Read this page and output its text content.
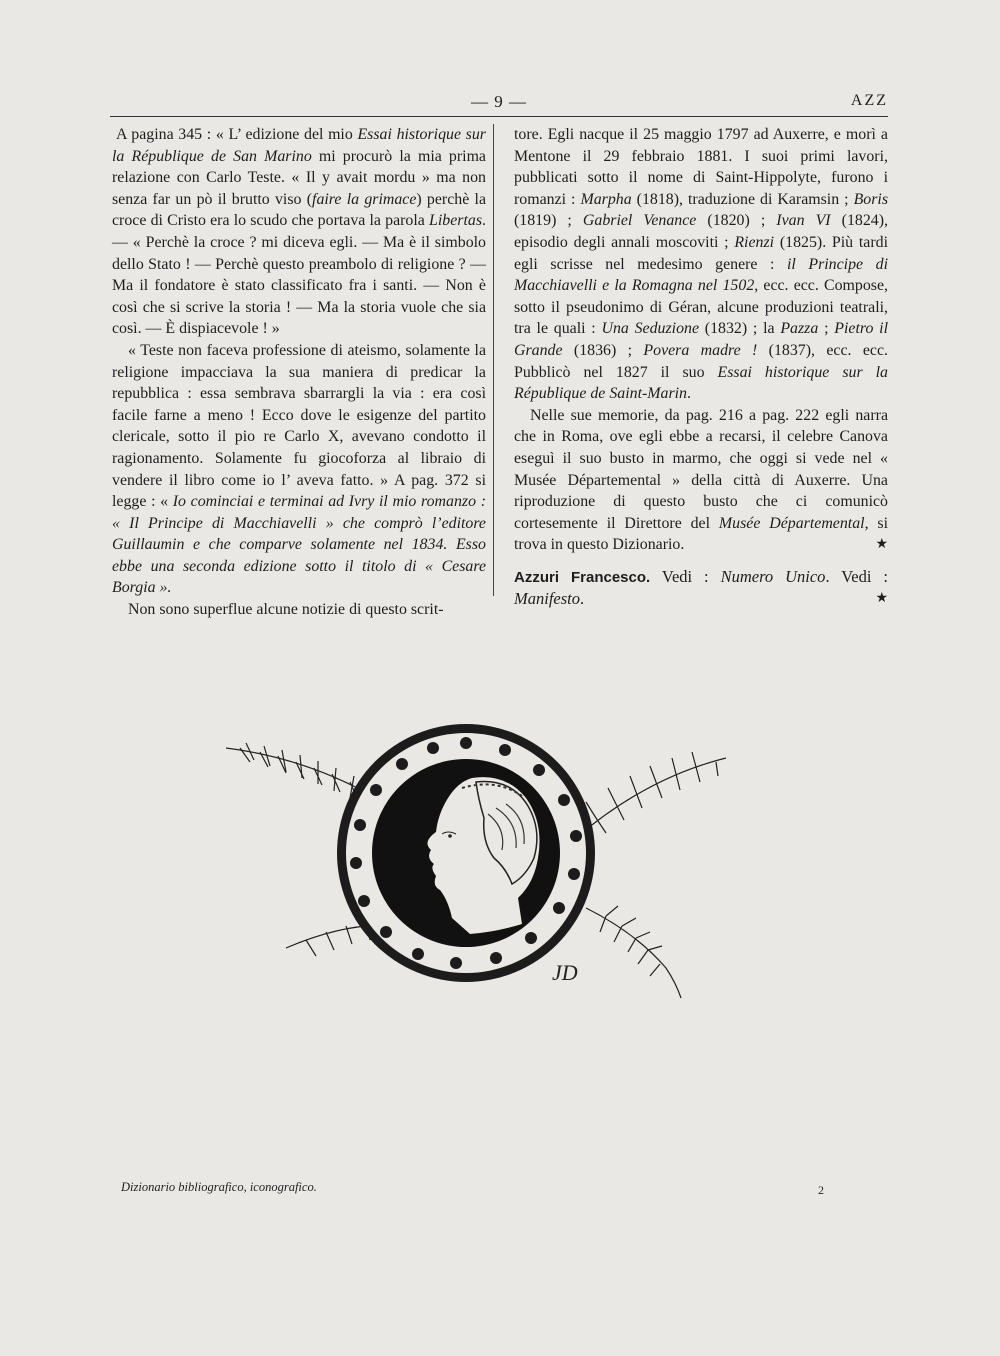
— 9 —	AZZ

A pagina 345 : « L’ edizione del mio Essai historique sur la République de San Marino mi procurò la mia prima relazione con Carlo Teste. « Il y avait mordu » ma non senza far un pò il brutto viso (faire la grimace) perchè la croce di Cristo era lo scudo che portava la parola Libertas. — « Perchè la croce ? mi diceva egli. — Ma è il simbolo dello Stato ! — Perchè questo preambolo di religione ? — Ma il fondatore è stato classificato fra i santi. — Non è così che si scrive la storia ! — Ma la storia vuole che sia così. — È dispiacevole ! »

« Teste non faceva professione di ateismo, solamente la religione impacciava la sua maniera di predicar la repubblica : essa sembrava sbarrargli la via : era così facile farne a meno ! Ecco dove le esigenze del partito clericale, sotto il pio re Carlo X, avevano condotto il ragionamento. Solamente fu giocoforza al libraio di vendere il libro come io l’ aveva fatto. » A pag. 372 si legge : « Io cominciai e terminai ad Ivry il mio romanzo : « Il Principe di Macchiavelli » che comprò l’editore Guillaumin e che comparve solamente nel 1834. Esso ebbe una seconda edizione sotto il titolo di « Cesare Borgia ».

Non sono superflue alcune notizie di questo scrit-

tore. Egli nacque il 25 maggio 1797 ad Auxerre, e morì a Mentone il 29 febbraio 1881. I suoi primi lavori, pubblicati sotto il nome di Saint-Hippolyte, furono i romanzi : Marpha (1818), traduzione di Karamsin ; Boris (1819) ; Gabriel Venance (1820) ; Ivan VI (1824), episodio degli annali moscoviti ; Rienzi (1825). Più tardi egli scrisse nel medesimo genere : il Principe di Macchiavelli e la Romagna nel 1502, ecc. ecc. Compose, sotto il pseudonimo di Géran, alcune produzioni teatrali, tra le quali : Una Seduzione (1832) ; la Pazza ; Pietro il Grande (1836) ; Povera madre ! (1837), ecc. ecc. Pubblicò nel 1827 il suo Essai historique sur la République de Saint-Marin.

Nelle sue memorie, da pag. 216 a pag. 222 egli narra che in Roma, ove egli ebbe a recarsi, il celebre Canova eseguì il suo busto in marmo, che oggi si vede nel « Musée Départemental » della città di Auxerre. Una riproduzione di questo busto che ci comunicò cortesemente il Direttore del Musée Départemental, si trova in questo Dizionario.	★

Azzuri Francesco. Vedi : Numero Unico. Vedi : Manifesto.	★

JD
Dizionario bibliografico, iconografico.	2
